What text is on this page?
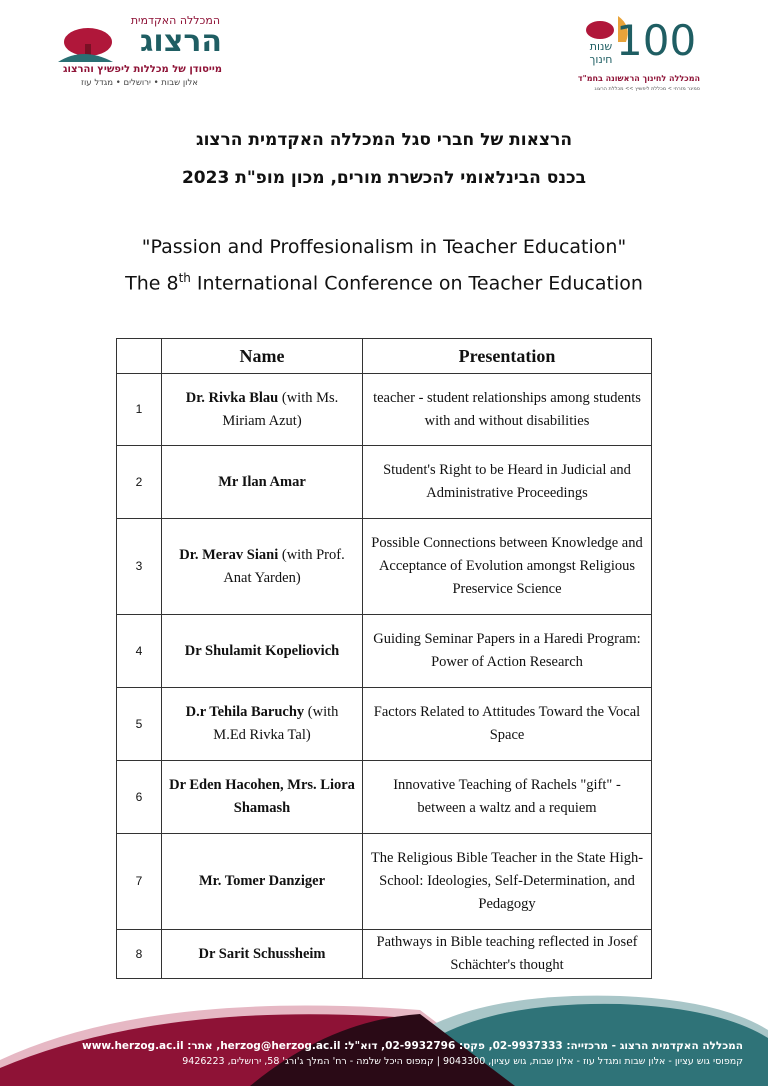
המכללה האקדמית
הרצוג
מייסודן של מכללות ליפשיץ והרצוג
אלון שבות • ירושלים • מגדל עוז
100
שנות חינוך
המכללה לחינוך הראשונה בחמ"ד
סמינר מזרחי > מכללת ליפשיץ >> מכללת הרצוג
הרצאות של חברי סגל המכללה האקדמית הרצוג
בכנס הבינלאומי להכשרת מורים, מכון מופ"ת 2023
"Passion and Proffesionalism in Teacher Education"
The 8th International Conference on Teacher Education
	Name	Presentation
1	Dr. Rivka Blau (with Ms. Miriam Azut)	teacher - student relationships among students with and without disabilities
2	Mr Ilan Amar	Student's Right to be Heard in Judicial and Administrative Proceedings
3	Dr. Merav Siani (with Prof. Anat Yarden)	Possible Connections between Knowledge and Acceptance of Evolution amongst Religious Preservice Science
4	Dr Shulamit Kopeliovich	Guiding Seminar Papers in a Haredi Program: Power of Action Research
5	D.r Tehila Baruchy (with M.Ed Rivka Tal)	Factors Related to Attitudes Toward the Vocal Space
6	Dr Eden Hacohen, Mrs. Liora Shamash	Innovative Teaching of Rachels "gift" - between a waltz and a requiem
7	Mr. Tomer Danziger	The Religious Bible Teacher in the State High-School: Ideologies, Self-Determination, and Pedagogy
8	Dr Sarit Schussheim	Pathways in Bible teaching reflected in Josef Schächter's thought
המכללה האקדמית הרצוג - מרכזייה: 02-9937333, פקס: 02-9932796, דוא"ל: herzog@herzog.ac.il, אתר: www.herzog.ac.il
קמפוסי גוש עציון - אלון שבות ומגדל עוז - אלון שבות, גוש עציון, 9043300 | קמפוס היכל שלמה - רח' המלך ג'ורג' 58, ירושלים, 9426223
